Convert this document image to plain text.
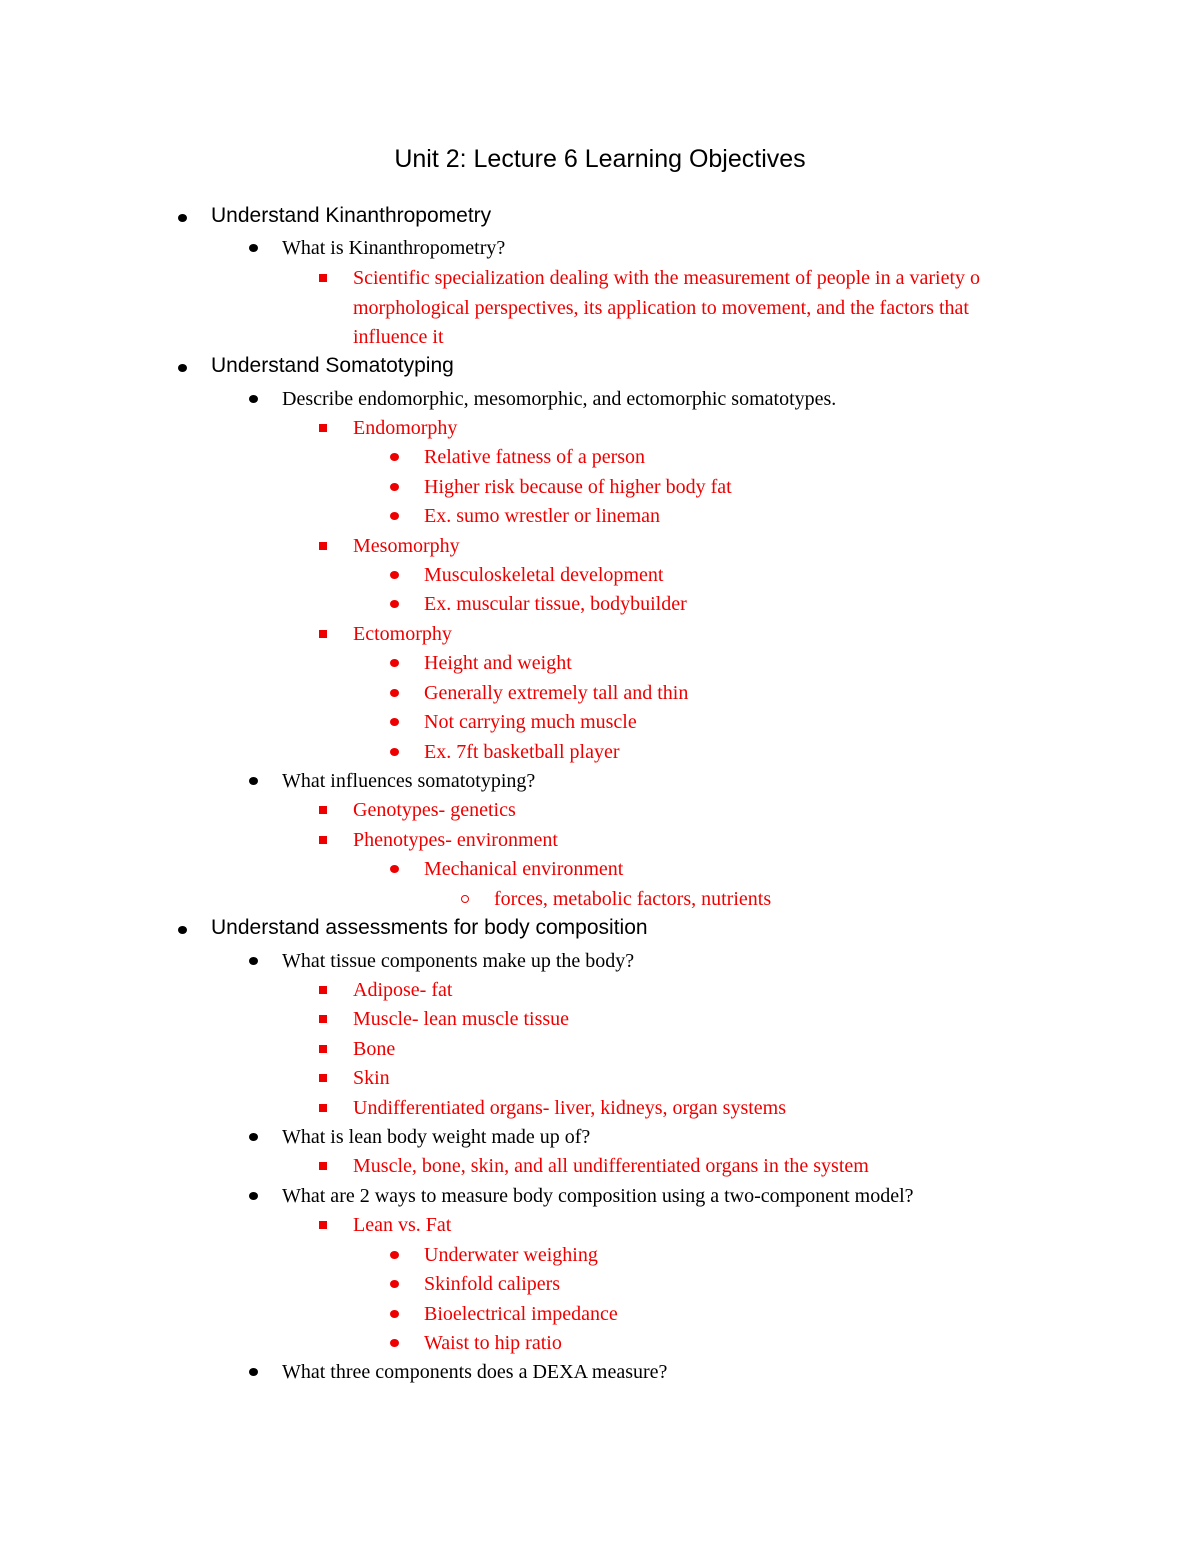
Unit 2: Lecture 6 Learning Objectives
Understand Kinanthropometry
What is Kinanthropometry?
Scientific specialization dealing with the measurement of people in a variety o
morphological perspectives, its application to movement, and the factors that
influence it
Understand Somatotyping
Describe endomorphic, mesomorphic, and ectomorphic somatotypes.
Endomorphy
Relative fatness of a person
Higher risk because of higher body fat
Ex. sumo wrestler or lineman
Mesomorphy
Musculoskeletal development
Ex. muscular tissue, bodybuilder
Ectomorphy
Height and weight
Generally extremely tall and thin
Not carrying much muscle
Ex. 7ft basketball player
What influences somatotyping?
Genotypes- genetics
Phenotypes- environment
Mechanical environment
forces, metabolic factors, nutrients
Understand assessments for body composition
What tissue components make up the body?
Adipose- fat
Muscle- lean muscle tissue
Bone
Skin
Undifferentiated organs- liver, kidneys, organ systems
What is lean body weight made up of?
Muscle, bone, skin, and all undifferentiated organs in the system
What are 2 ways to measure body composition using a two-component model?
Lean vs. Fat
Underwater weighing
Skinfold calipers
Bioelectrical impedance
Waist to hip ratio
What three components does a DEXA measure?
